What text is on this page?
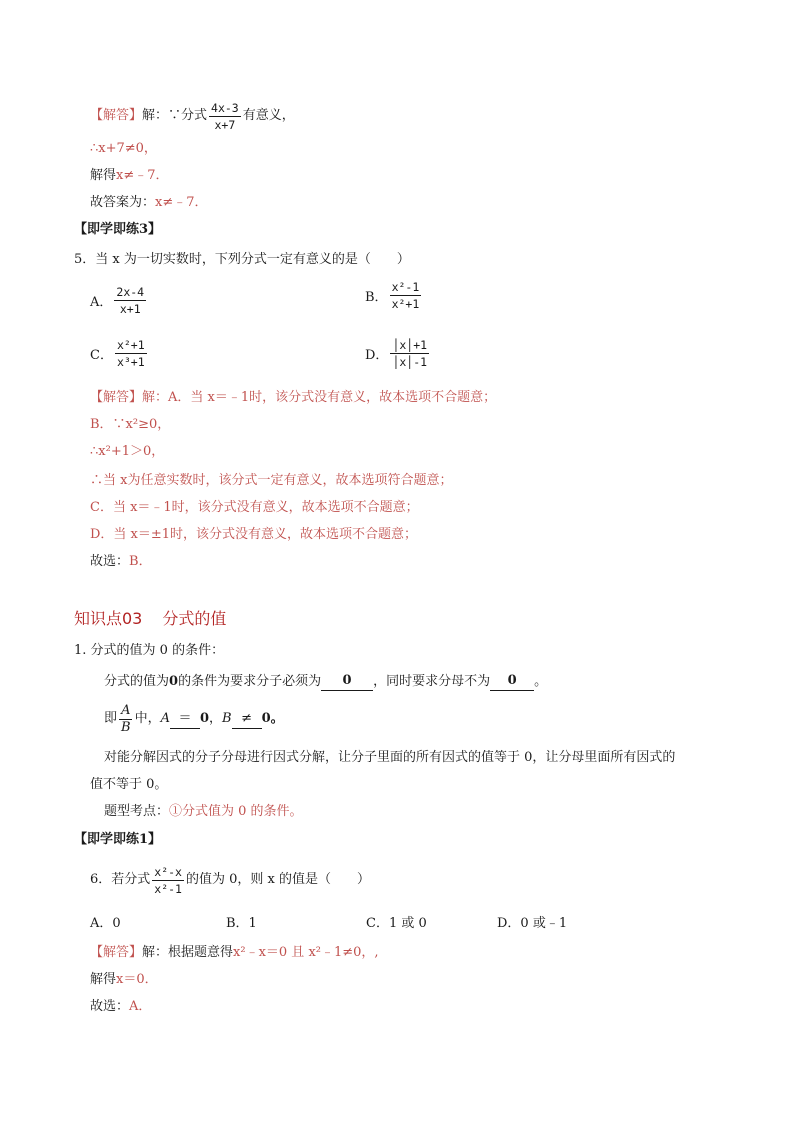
【解答】 解：∵分式 $\frac{4x-3}{x+7}$ 有意义，
∴x+7≠0，
解得 x≠﹣7．
故答案为： x≠﹣7．
【即学即练3】
5．当 x 为一切实数时，下列分式一定有意义的是（　　）
A． $\frac{2x-4}{x+1}$	B． $\frac{\text{x²-1}}{\text{x²+1}}$
C． $\frac{\text{x²+1}}{\text{x³+1}}$	D． $\frac{│x│+1}{│x│-1}$
【解答】 解：A．当 x＝﹣1时，该分式没有意义，故本选项不合题意；
B．∵x²≥0，
∴x²+1＞0，
∴当 x为任意实数时，该分式一定有意义，故本选项符合题意；
C．当 x＝﹣1时，该分式没有意义，故本选项不合题意；
D．当 x＝±1时，该分式没有意义，故本选项不合题意；
故选： B．
知识点03 分式的值
1. 分式的值为 0 的条件：
分式的值为 0 的条件为要求分子必须为	0	，同时要求分母不为	0	。
即 $\frac{A}{B}$ 中， A ＝ 0 ， B ≠ 0。
对能分解因式的分子分母进行因式分解，让分子里面的所有因式的值等于 0，让分母里面所有因式的
值不等于 0。
题型考点： ①分式值为 0 的条件。
【即学即练1】
6．若分式 $\frac{\text{x²-x}}{\text{x²-1}}$ 的值为 0，则 x 的值是（　　）
A．0	B．1	C．1 或 0	D．0 或﹣1
【解答】 解：根据题意得 x²﹣x＝0 且 x²﹣1≠0，,
解得 x＝0．
故选： A．
